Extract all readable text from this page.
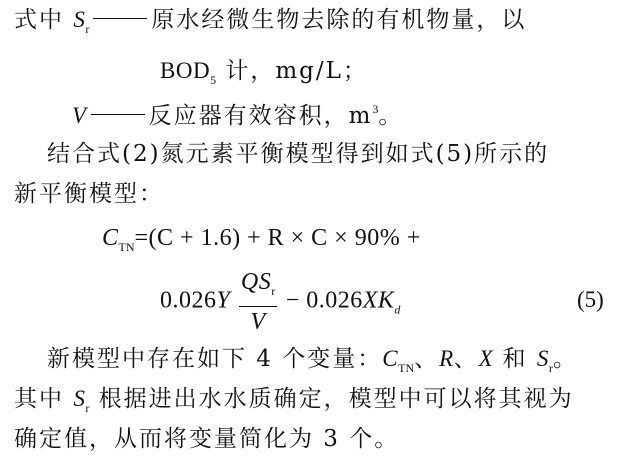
式中 $S_r$	原水经微生物去除的有机物量，以
$BOD_5$ 计，mg/L；
V	反应器有效容积，$m^3$。
结合式(2)氮元素平衡模型得到如式(5)所示的
新平衡模型：
$C_{TN}=(C + 1.6) + R \times C \times 90\%$ +
$0.026Y \frac{QS_r}{V} - 0.026XK_d$	(5)
新模型中存在如下 4 个变量：$C_{TN}$、R、X 和 $S_r$。
其中 $S_r$ 根据进出水水质确定，模型中可以将其视为
确定值，从而将变量简化为 3 个。
